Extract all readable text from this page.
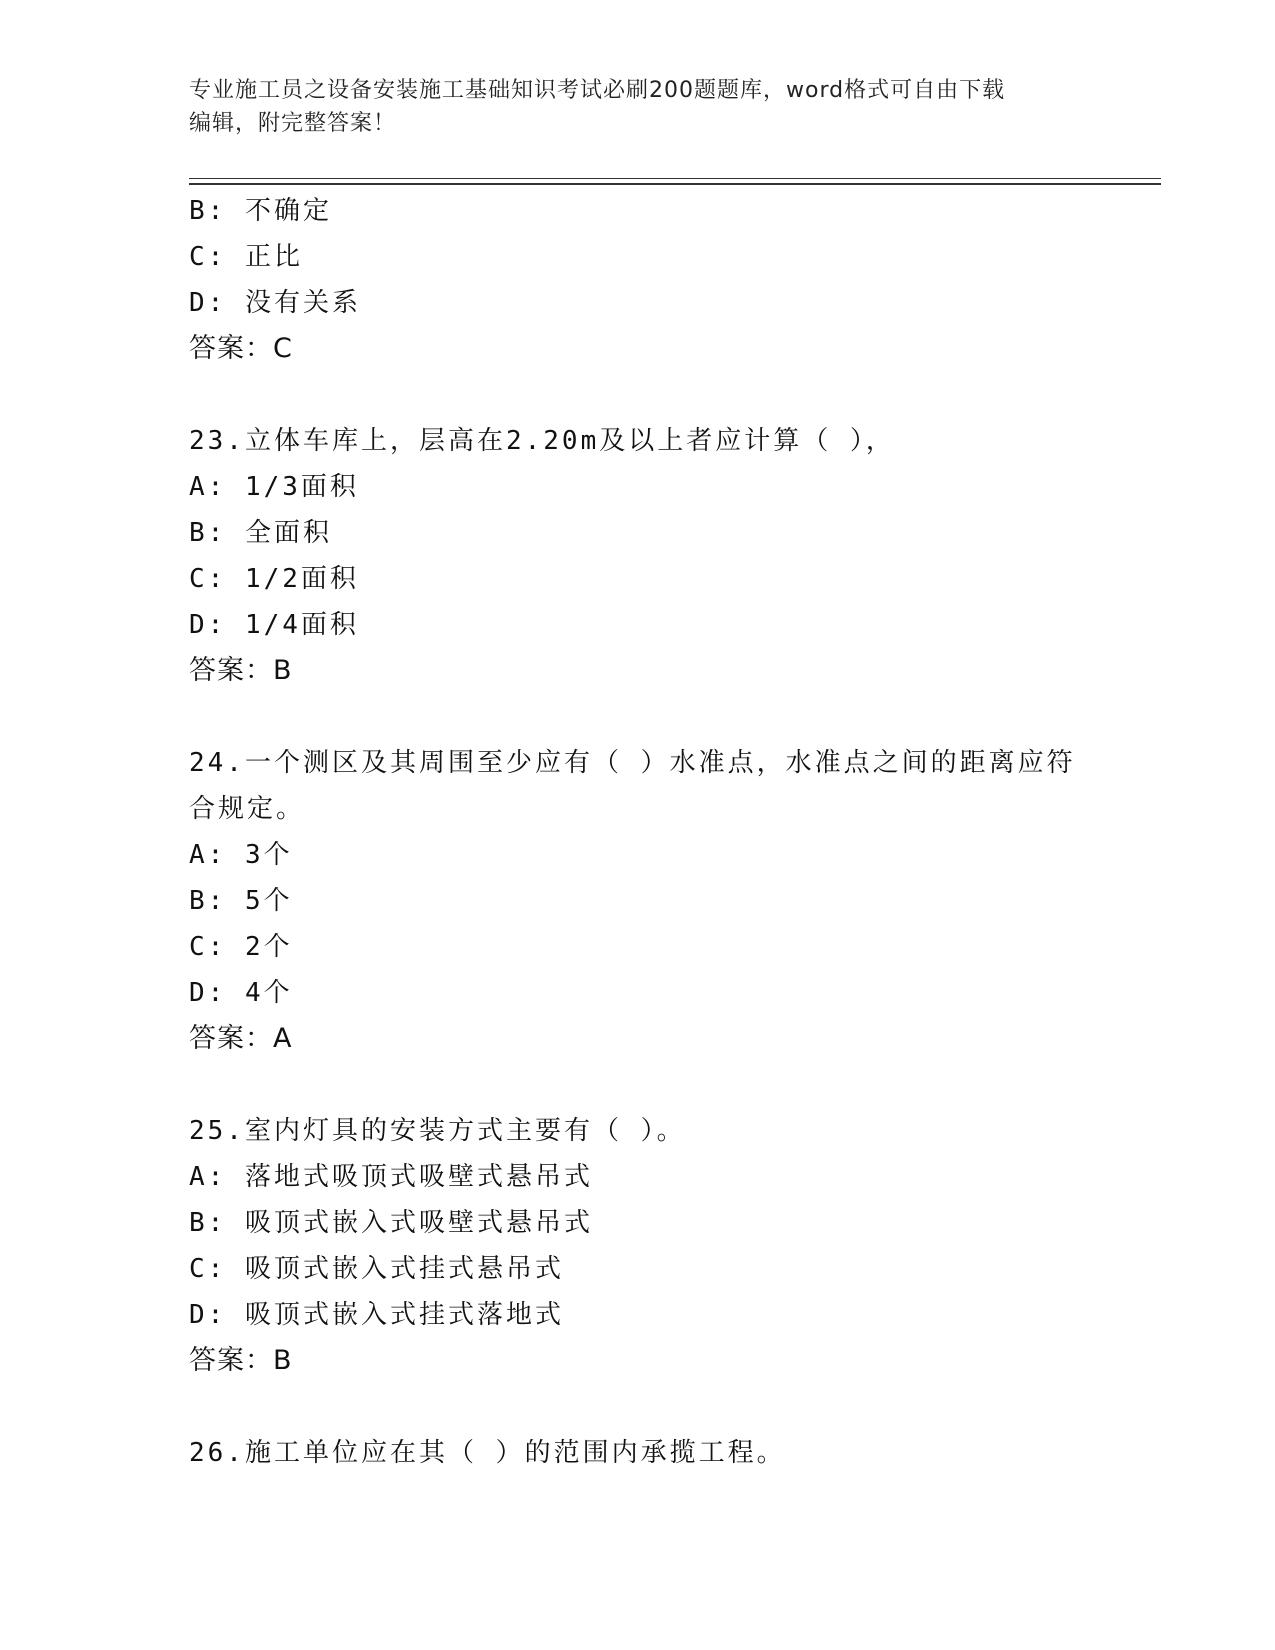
专业施工员之设备安装施工基础知识考试必刷200题题库，word格式可自由下载
编辑，附完整答案！
B: 不确定
C: 正比
D: 没有关系
答案：C
23.立体车库上，层高在2.20m及以上者应计算（ ），
A: 1/3面积
B: 全面积
C: 1/2面积
D: 1/4面积
答案：B
24.一个测区及其周围至少应有（ ）水准点，水准点之间的距离应符
合规定。
A: 3个
B: 5个
C: 2个
D: 4个
答案：A
25.室内灯具的安装方式主要有（ ）。
A: 落地式吸顶式吸壁式悬吊式
B: 吸顶式嵌入式吸壁式悬吊式
C: 吸顶式嵌入式挂式悬吊式
D: 吸顶式嵌入式挂式落地式
答案：B
26.施工单位应在其（ ）的范围内承揽工程。
